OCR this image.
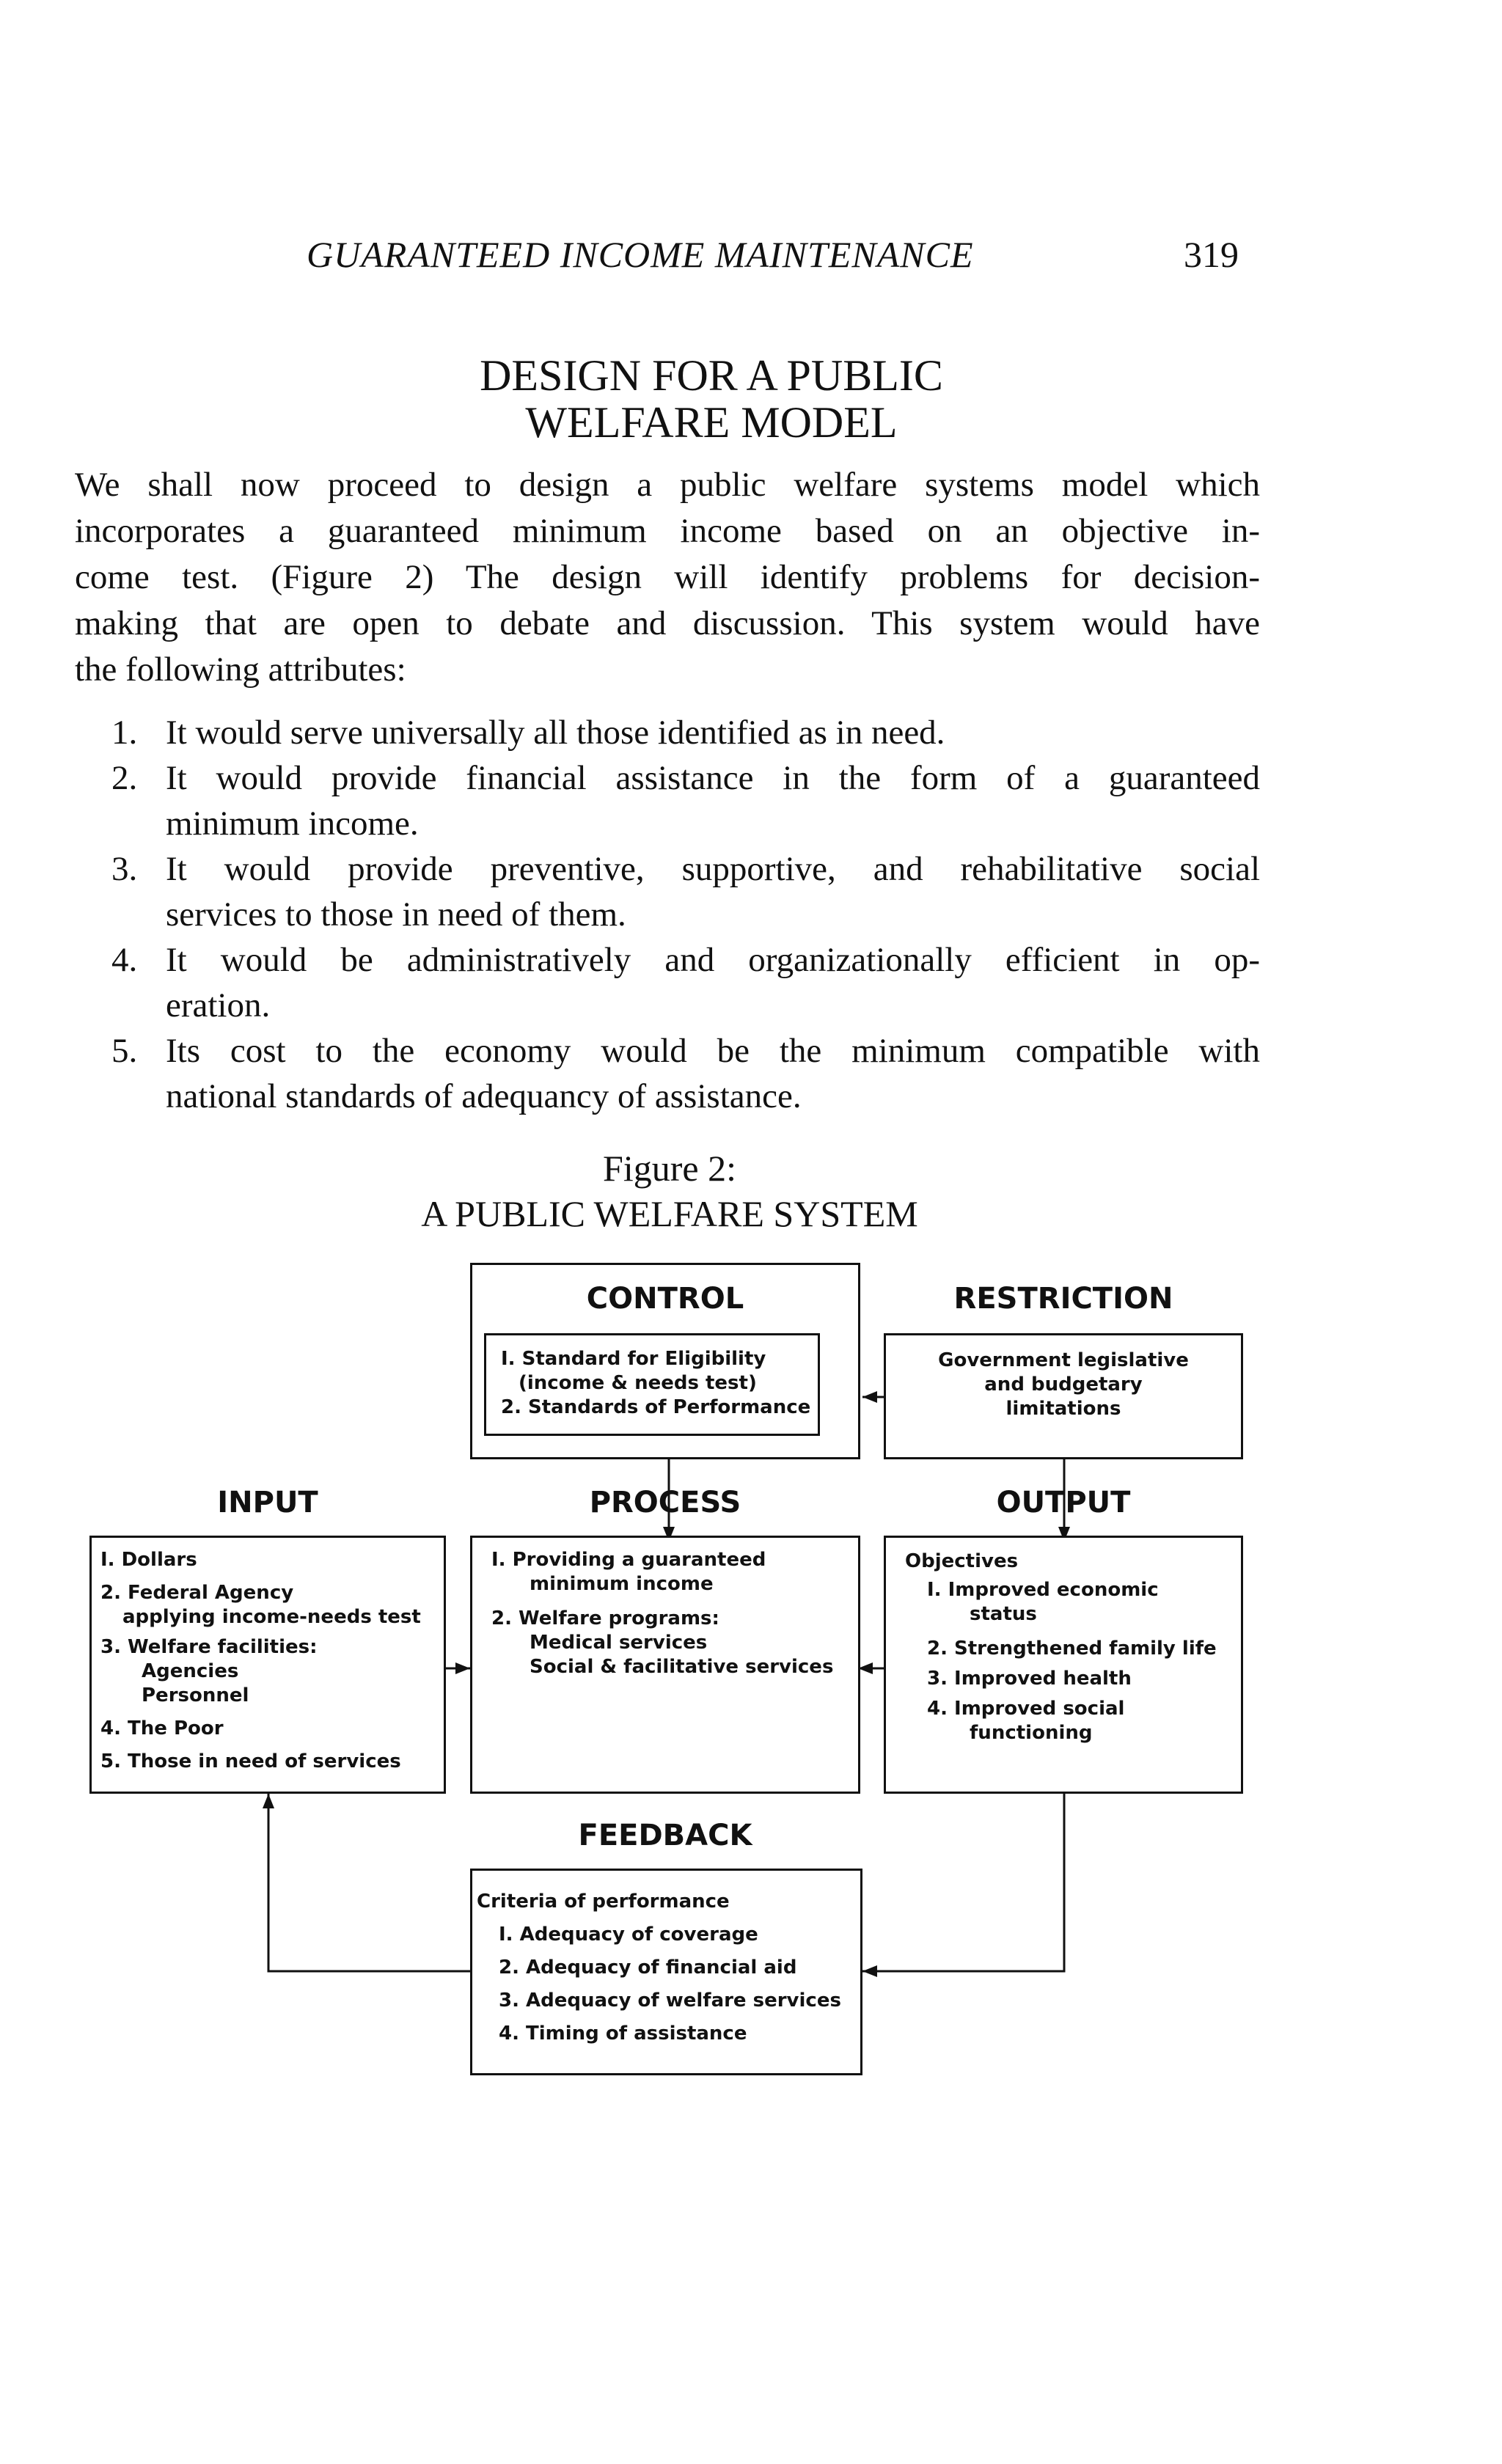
GUARANTEED INCOME MAINTENANCE	319
DESIGN FOR A PUBLIC
WELFARE MODEL
We shall now proceed to design a public welfare systems model which
incorporates a guaranteed minimum income based on an objective in-
come test. (Figure 2) The design will identify problems for decision-
making that are open to debate and discussion. This system would have
the following attributes:
1. It would serve universally all those identified as in need.
2. It would provide financial assistance in the form of a guaranteed
minimum income.
3. It would provide preventive, supportive, and rehabilitative social
services to those in need of them.
4. It would be administratively and organizationally efficient in op-
eration.
5. Its cost to the economy would be the minimum compatible with
national standards of adequancy of assistance.
Figure 2:
A PUBLIC WELFARE SYSTEM
CONTROL
I. Standard for Eligibility
(income & needs test)
2. Standards of Performance
RESTRICTION
Government legislative
and budgetary
limitations
INPUT
I. Dollars
2. Federal Agency
applying income-needs test
3. Welfare facilities:
Agencies
Personnel
4. The Poor
5. Those in need of services
PROCESS
I. Providing a guaranteed
minimum income
2. Welfare programs:
Medical services
Social & facilitative services
OUTPUT
Objectives
I. Improved economic
status
2. Strengthened family life
3. Improved health
4. Improved social
functioning
FEEDBACK
Criteria of performance
I. Adequacy of coverage
2. Adequacy of financial aid
3. Adequacy of welfare services
4. Timing of assistance
